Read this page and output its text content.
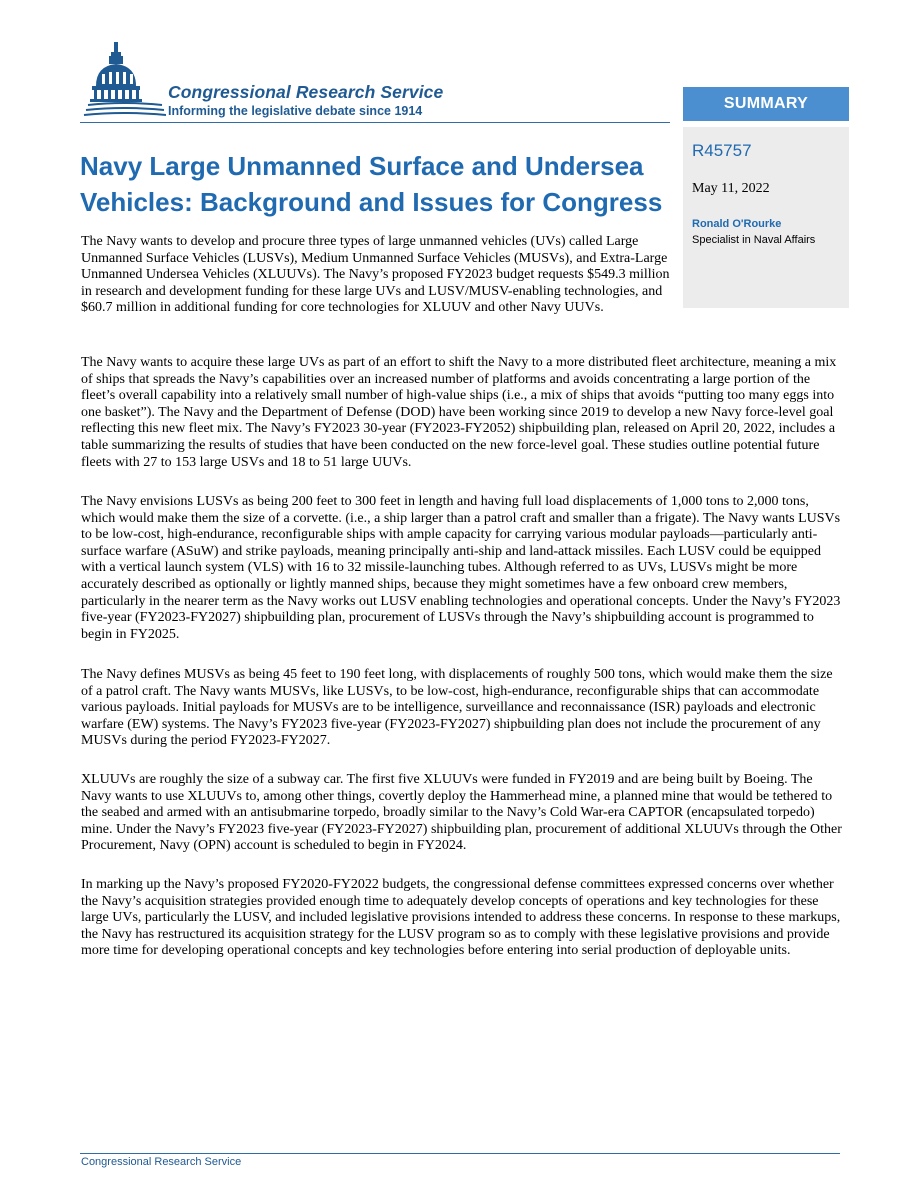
Congressional Research Service
Informing the legislative debate since 1914	SUMMARY
R45757
May 11, 2022
Ronald O'Rourke
Specialist in Naval Affairs
Navy Large Unmanned Surface and Undersea Vehicles: Background and Issues for Congress

The Navy wants to develop and procure three types of large unmanned vehicles (UVs) called Large Unmanned Surface Vehicles (LUSVs), Medium Unmanned Surface Vehicles (MUSVs), and Extra-Large Unmanned Undersea Vehicles (XLUUVs). The Navy’s proposed FY2023 budget requests $549.3 million in research and development funding for these large UVs and LUSV/MUSV-enabling technologies, and $60.7 million in additional funding for core technologies for XLUUV and other Navy UUVs.

The Navy wants to acquire these large UVs as part of an effort to shift the Navy to a more distributed fleet architecture, meaning a mix of ships that spreads the Navy’s capabilities over an increased number of platforms and avoids concentrating a large portion of the fleet’s overall capability into a relatively small number of high-value ships (i.e., a mix of ships that avoids “putting too many eggs into one basket”). The Navy and the Department of Defense (DOD) have been working since 2019 to develop a new Navy force-level goal reflecting this new fleet mix. The Navy’s FY2023 30-year (FY2023-FY2052) shipbuilding plan, released on April 20, 2022, includes a table summarizing the results of studies that have been conducted on the new force-level goal. These studies outline potential future fleets with 27 to 153 large USVs and 18 to 51 large UUVs.

The Navy envisions LUSVs as being 200 feet to 300 feet in length and having full load displacements of 1,000 tons to 2,000 tons, which would make them the size of a corvette. (i.e., a ship larger than a patrol craft and smaller than a frigate). The Navy wants LUSVs to be low-cost, high-endurance, reconfigurable ships with ample capacity for carrying various modular payloads—particularly anti-surface warfare (ASuW) and strike payloads, meaning principally anti-ship and land-attack missiles. Each LUSV could be equipped with a vertical launch system (VLS) with 16 to 32 missile-launching tubes. Although referred to as UVs, LUSVs might be more accurately described as optionally or lightly manned ships, because they might sometimes have a few onboard crew members, particularly in the nearer term as the Navy works out LUSV enabling technologies and operational concepts. Under the Navy’s FY2023 five-year (FY2023-FY2027) shipbuilding plan, procurement of LUSVs through the Navy’s shipbuilding account is programmed to begin in FY2025.

The Navy defines MUSVs as being 45 feet to 190 feet long, with displacements of roughly 500 tons, which would make them the size of a patrol craft. The Navy wants MUSVs, like LUSVs, to be low-cost, high-endurance, reconfigurable ships that can accommodate various payloads. Initial payloads for MUSVs are to be intelligence, surveillance and reconnaissance (ISR) payloads and electronic warfare (EW) systems. The Navy’s FY2023 five-year (FY2023-FY2027) shipbuilding plan does not include the procurement of any MUSVs during the period FY2023-FY2027.

XLUUVs are roughly the size of a subway car. The first five XLUUVs were funded in FY2019 and are being built by Boeing. The Navy wants to use XLUUVs to, among other things, covertly deploy the Hammerhead mine, a planned mine that would be tethered to the seabed and armed with an antisubmarine torpedo, broadly similar to the Navy’s Cold War-era CAPTOR (encapsulated torpedo) mine. Under the Navy’s FY2023 five-year (FY2023-FY2027) shipbuilding plan, procurement of additional XLUUVs through the Other Procurement, Navy (OPN) account is scheduled to begin in FY2024.

In marking up the Navy’s proposed FY2020-FY2022 budgets, the congressional defense committees expressed concerns over whether the Navy’s acquisition strategies provided enough time to adequately develop concepts of operations and key technologies for these large UVs, particularly the LUSV, and included legislative provisions intended to address these concerns. In response to these markups, the Navy has restructured its acquisition strategy for the LUSV program so as to comply with these legislative provisions and provide more time for developing operational concepts and key technologies before entering into serial production of deployable units.

Congressional Research Service
